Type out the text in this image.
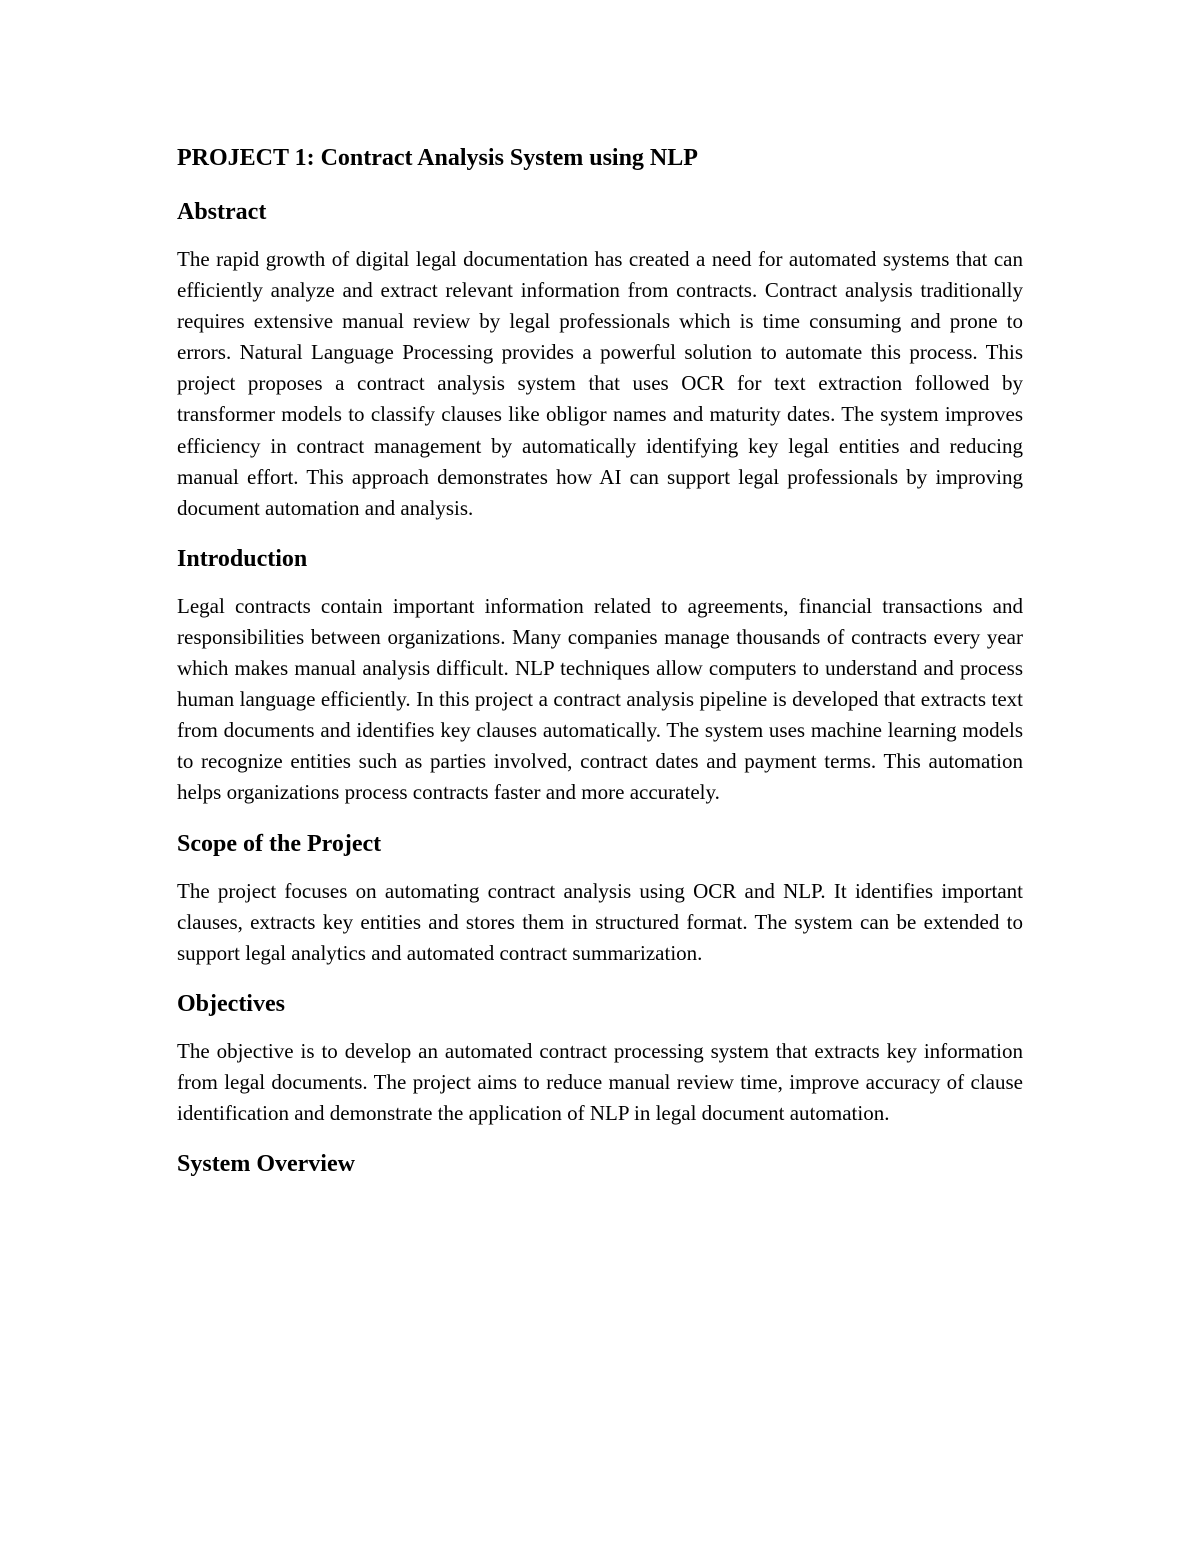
PROJECT 1: Contract Analysis System using NLP
Abstract

The rapid growth of digital legal documentation has created a need for automated systems that can efficiently analyze and extract relevant information from contracts. Contract analysis traditionally requires extensive manual review by legal professionals which is time consuming and prone to errors. Natural Language Processing provides a powerful solution to automate this process. This project proposes a contract analysis system that uses OCR for text extraction followed by transformer models to classify clauses like obligor names and maturity dates. The system improves efficiency in contract management by automatically identifying key legal entities and reducing manual effort. This approach demonstrates how AI can support legal professionals by improving document automation and analysis.

Introduction

Legal contracts contain important information related to agreements, financial transactions and responsibilities between organizations. Many companies manage thousands of contracts every year which makes manual analysis difficult. NLP techniques allow computers to understand and process human language efficiently. In this project a contract analysis pipeline is developed that extracts text from documents and identifies key clauses automatically. The system uses machine learning models to recognize entities such as parties involved, contract dates and payment terms. This automation helps organizations process contracts faster and more accurately.

Scope of the Project

The project focuses on automating contract analysis using OCR and NLP. It identifies important clauses, extracts key entities and stores them in structured format. The system can be extended to support legal analytics and automated contract summarization.

Objectives

The objective is to develop an automated contract processing system that extracts key information from legal documents. The project aims to reduce manual review time, improve accuracy of clause identification and demonstrate the application of NLP in legal document automation.

System Overview
